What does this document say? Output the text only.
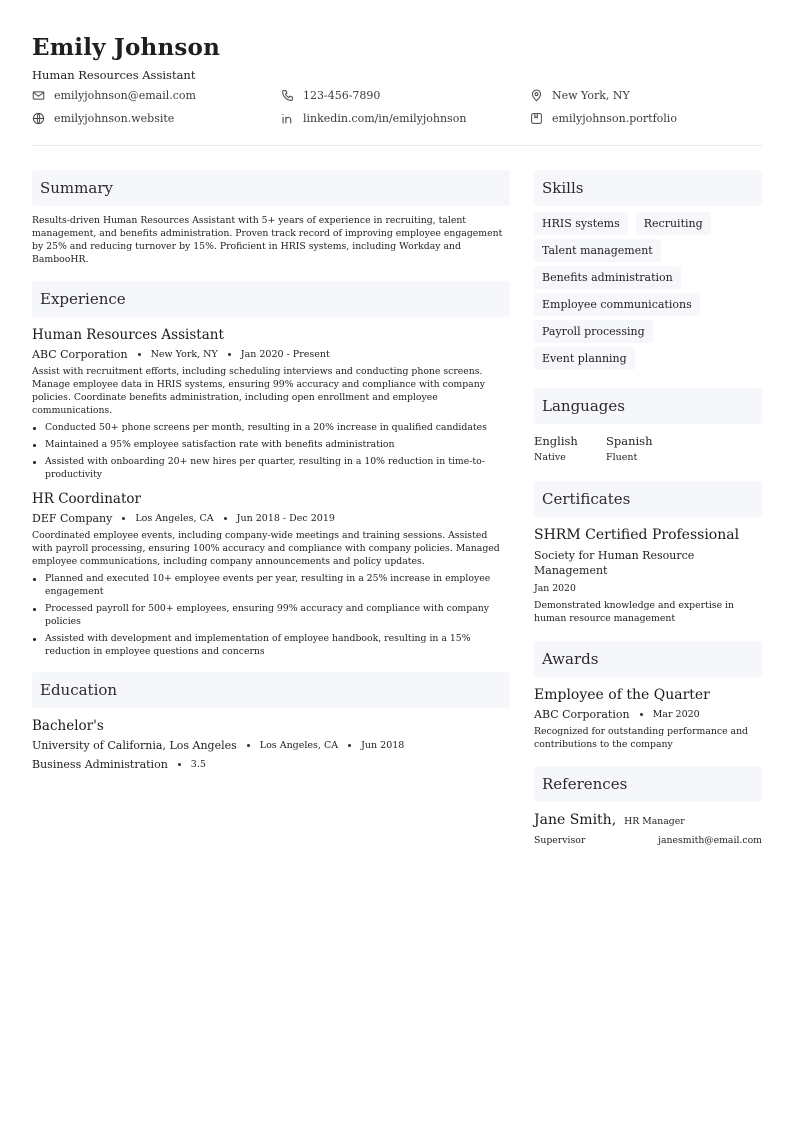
Emily Johnson
Human Resources Assistant
emilyjohnson@email.com	123-456-7890	New York, NY
emilyjohnson.website	linkedin.com/in/emilyjohnson	emilyjohnson.portfolio
Summary
Results-driven Human Resources Assistant with 5+ years of experience in recruiting, talent management, and benefits administration. Proven track record of improving employee engagement by 25% and reducing turnover by 15%. Proficient in HRIS systems, including Workday and BambooHR.
Experience
Human Resources Assistant
ABC Corporation New York, NY Jan 2020 - Present
Assist with recruitment efforts, including scheduling interviews and conducting phone screens. Manage employee data in HRIS systems, ensuring 99% accuracy and compliance with company policies. Coordinate benefits administration, including open enrollment and employee communications.
Conducted 50+ phone screens per month, resulting in a 20% increase in qualified candidates
Maintained a 95% employee satisfaction rate with benefits administration
Assisted with onboarding 20+ new hires per quarter, resulting in a 10% reduction in time-to-productivity
HR Coordinator
DEF Company Los Angeles, CA Jun 2018 - Dec 2019
Coordinated employee events, including company-wide meetings and training sessions. Assisted with payroll processing, ensuring 100% accuracy and compliance with company policies. Managed employee communications, including company announcements and policy updates.
Planned and executed 10+ employee events per year, resulting in a 25% increase in employee engagement
Processed payroll for 500+ employees, ensuring 99% accuracy and compliance with company policies
Assisted with development and implementation of employee handbook, resulting in a 15% reduction in employee questions and concerns
Education
Bachelor's
University of California, Los Angeles Los Angeles, CA Jun 2018
Business Administration 3.5
Skills
HRIS systems	Recruiting
Talent management
Benefits administration
Employee communications
Payroll processing
Event planning
Languages
English
Native
Spanish
Fluent
Certificates
SHRM Certified Professional
Society for Human Resource Management
Jan 2020
Demonstrated knowledge and expertise in human resource management
Awards
Employee of the Quarter
ABC Corporation Mar 2020
Recognized for outstanding performance and contributions to the company
References
Jane Smith, HR Manager
Supervisor	janesmith@email.com
